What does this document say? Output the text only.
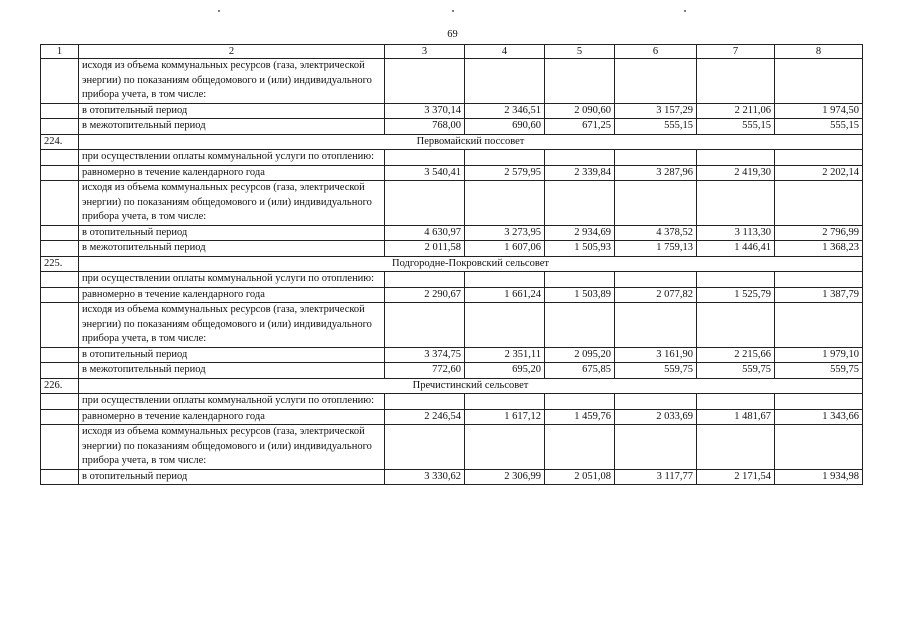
69
1	2	3	4	5	6	7	8
	исходя из объема коммунальных ресурсов (газа, электрической энергии) по показаниям общедомового и (или) индивидуального прибора учета, в том числе:						
	в отопительный период	3 370,14	2 346,51	2 090,60	3 157,29	2 211,06	1 974,50
	в межотопительный период	768,00	690,60	671,25	555,15	555,15	555,15
224.	Первомайский поссовет						
	при осуществлении оплаты коммунальной услуги по отоплению:						
	равномерно в течение календарного года	3 540,41	2 579,95	2 339,84	3 287,96	2 419,30	2 202,14
	исходя из объема коммунальных ресурсов (газа, электрической энергии) по показаниям общедомового и (или) индивидуального прибора учета, в том числе:						
	в отопительный период	4 630,97	3 273,95	2 934,69	4 378,52	3 113,30	2 796,99
	в межотопительный период	2 011,58	1 607,06	1 505,93	1 759,13	1 446,41	1 368,23
225.	Подгородне-Покровский сельсовет						
	при осуществлении оплаты коммунальной услуги по отоплению:						
	равномерно в течение календарного года	2 290,67	1 661,24	1 503,89	2 077,82	1 525,79	1 387,79
	исходя из объема коммунальных ресурсов (газа, электрической энергии) по показаниям общедомового и (или) индивидуального прибора учета, в том числе:						
	в отопительный период	3 374,75	2 351,11	2 095,20	3 161,90	2 215,66	1 979,10
	в межотопительный период	772,60	695,20	675,85	559,75	559,75	559,75
226.	Пречистинский сельсовет						
	при осуществлении оплаты коммунальной услуги по отоплению:						
	равномерно в течение календарного года	2 246,54	1 617,12	1 459,76	2 033,69	1 481,67	1 343,66
	исходя из объема коммунальных ресурсов (газа, электрической энергии) по показаниям общедомового и (или) индивидуального прибора учета, в том числе:						
	в отопительный период	3 330,62	2 306,99	2 051,08	3 117,77	2 171,54	1 934,98
